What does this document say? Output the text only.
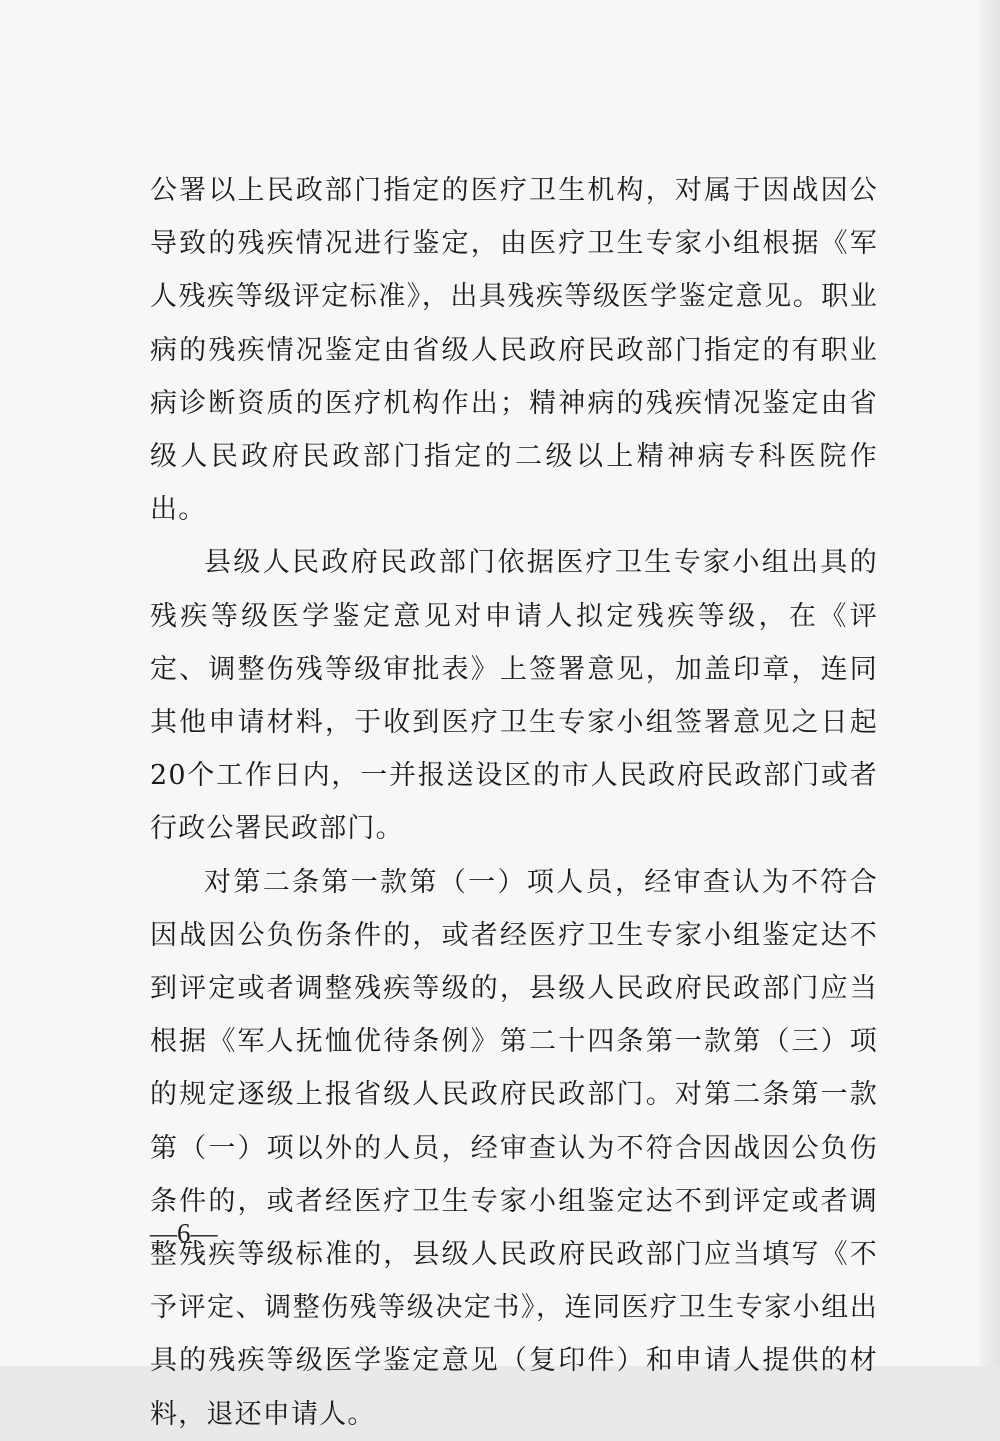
公署以上民政部门指定的医疗卫生机构，对属于因战因公导致的残疾情况进行鉴定，由医疗卫生专家小组根据《军人残疾等级评定标准》，出具残疾等级医学鉴定意见。职业病的残疾情况鉴定由省级人民政府民政部门指定的有职业病诊断资质的医疗机构作出；精神病的残疾情况鉴定由省级人民政府民政部门指定的二级以上精神病专科医院作出。

县级人民政府民政部门依据医疗卫生专家小组出具的残疾等级医学鉴定意见对申请人拟定残疾等级，在《评定、调整伤残等级审批表》上签署意见，加盖印章，连同其他申请材料，于收到医疗卫生专家小组签署意见之日起20个工作日内，一并报送设区的市人民政府民政部门或者行政公署民政部门。

对第二条第一款第（一）项人员，经审查认为不符合因战因公负伤条件的，或者经医疗卫生专家小组鉴定达不到评定或者调整残疾等级的，县级人民政府民政部门应当根据《军人抚恤优待条例》第二十四条第一款第（三）项的规定逐级上报省级人民政府民政部门。对第二条第一款第（一）项以外的人员，经审查认为不符合因战因公负伤条件的，或者经医疗卫生专家小组鉴定达不到评定或者调整残疾等级标准的，县级人民政府民政部门应当填写《不予评定、调整伤残等级决定书》，连同医疗卫生专家小组出具的残疾等级医学鉴定意见（复印件）和申请人提供的材料，退还申请人。

—6—
